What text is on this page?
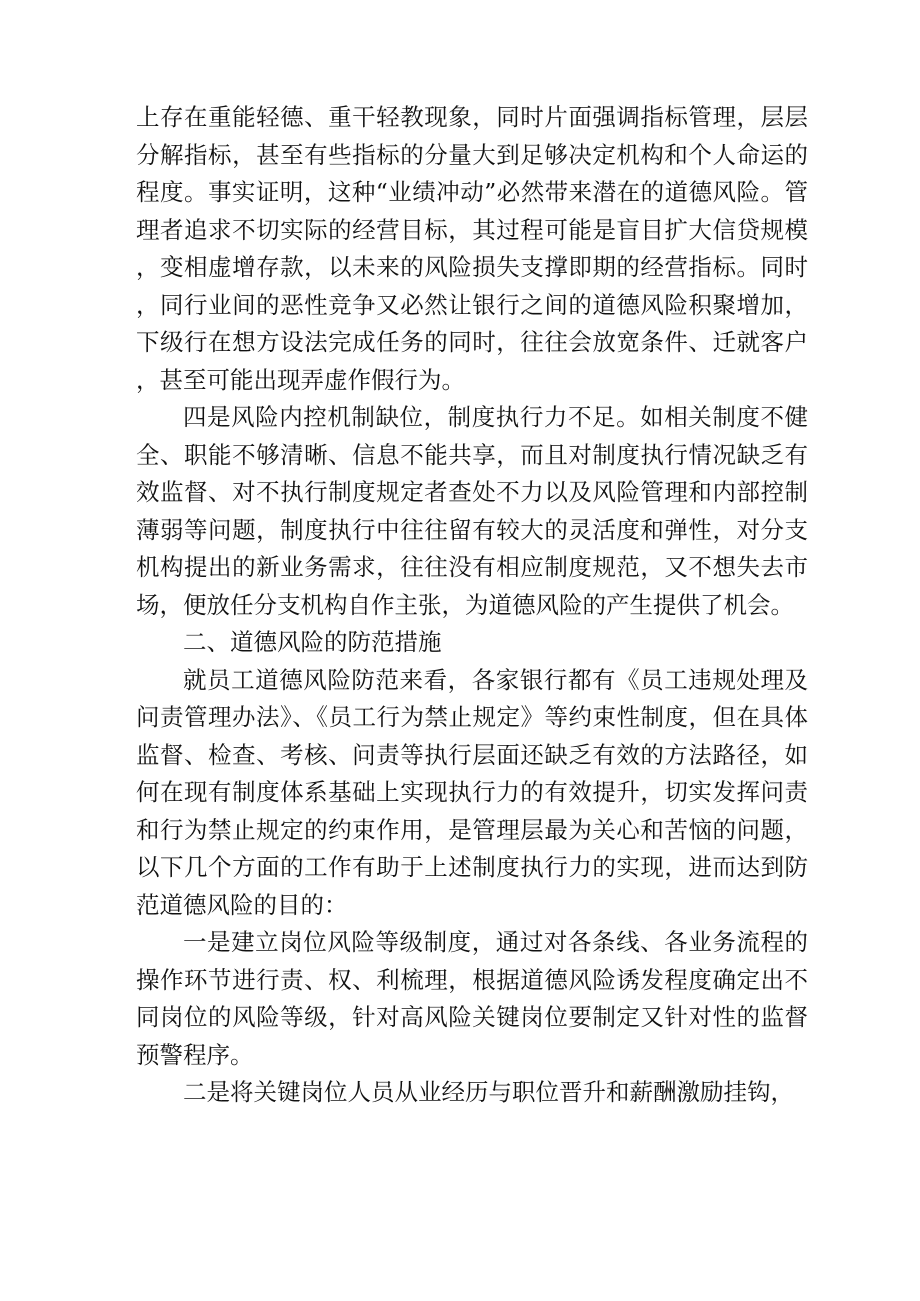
上存在重能轻德、重干轻教现象，同时片面强调指标管理，层层分解指标，甚至有些指标的分量大到足够决定机构和个人命运的程度。事实证明，这种“业绩冲动”必然带来潜在的道德风险。管理者追求不切实际的经营目标，其过程可能是盲目扩大信贷规模，变相虚增存款，以未来的风险损失支撑即期的经营指标。同时，同行业间的恶性竞争又必然让银行之间的道德风险积聚增加，下级行在想方设法完成任务的同时，往往会放宽条件、迁就客户，甚至可能出现弄虚作假行为。

四是风险内控机制缺位，制度执行力不足。如相关制度不健全、职能不够清晰、信息不能共享，而且对制度执行情况缺乏有效监督、对不执行制度规定者查处不力以及风险管理和内部控制薄弱等问题，制度执行中往往留有较大的灵活度和弹性，对分支机构提出的新业务需求，往往没有相应制度规范，又不想失去市场，便放任分支机构自作主张，为道德风险的产生提供了机会。

二、道德风险的防范措施

就员工道德风险防范来看，各家银行都有《员工违规处理及问责管理办法》、《员工行为禁止规定》等约束性制度，但在具体监督、检查、考核、问责等执行层面还缺乏有效的方法路径，如何在现有制度体系基础上实现执行力的有效提升，切实发挥问责和行为禁止规定的约束作用，是管理层最为关心和苦恼的问题，以下几个方面的工作有助于上述制度执行力的实现，进而达到防范道德风险的目的：

一是建立岗位风险等级制度，通过对各条线、各业务流程的操作环节进行责、权、利梳理，根据道德风险诱发程度确定出不同岗位的风险等级，针对高风险关键岗位要制定又针对性的监督预警程序。

二是将关键岗位人员从业经历与职位晋升和薪酬激励挂钩，
